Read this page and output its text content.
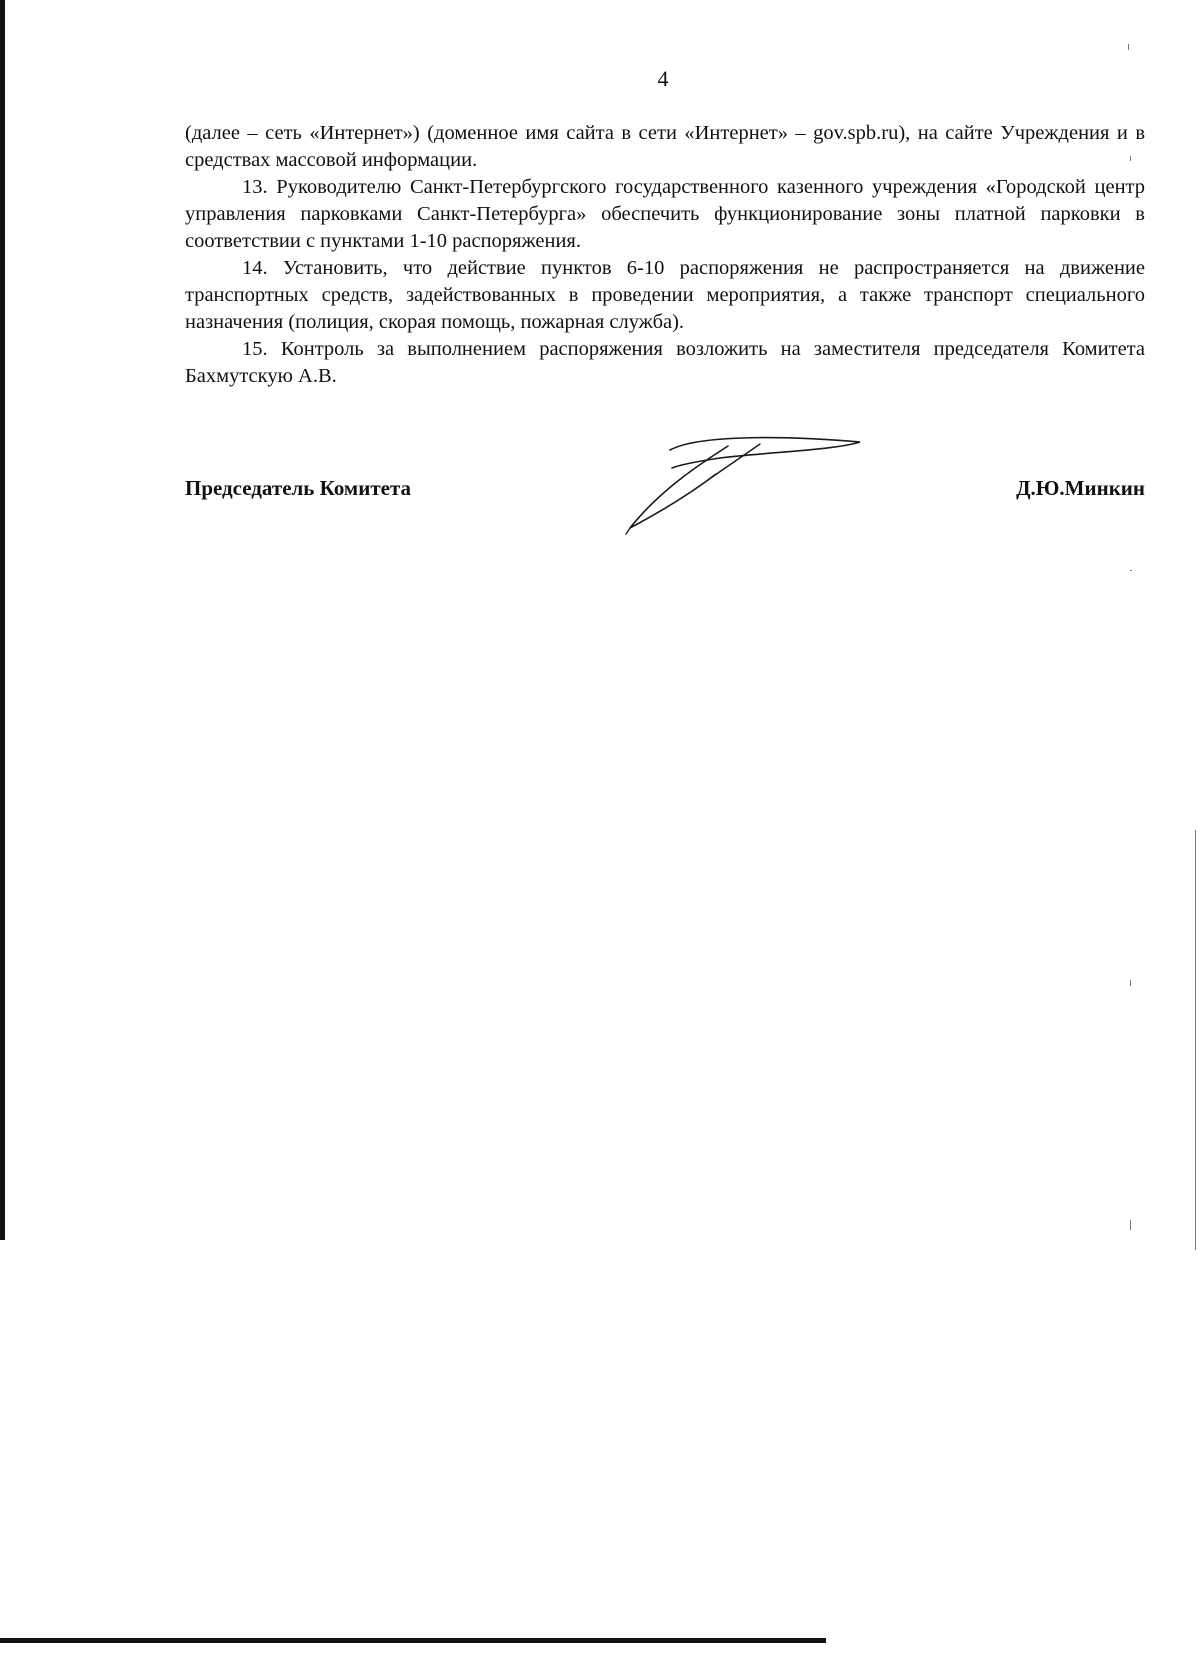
4

(далее – сеть «Интернет») (доменное имя сайта в сети «Интернет» – gov.spb.ru), на сайте Учреждения и в средствах массовой информации.

13. Руководителю Санкт-Петербургского государственного казенного учреждения «Городской центр управления парковками Санкт-Петербурга» обеспечить функционирование зоны платной парковки в соответствии с пунктами 1-10 распоряжения.

14. Установить, что действие пунктов 6-10 распоряжения не распространяется на движение транспортных средств, задействованных в проведении мероприятия, а также транспорт специального назначения (полиция, скорая помощь, пожарная служба).

15. Контроль за выполнением распоряжения возложить на заместителя председателя Комитета Бахмутскую А.В.

Председатель Комитета	Д.Ю.Минкин
